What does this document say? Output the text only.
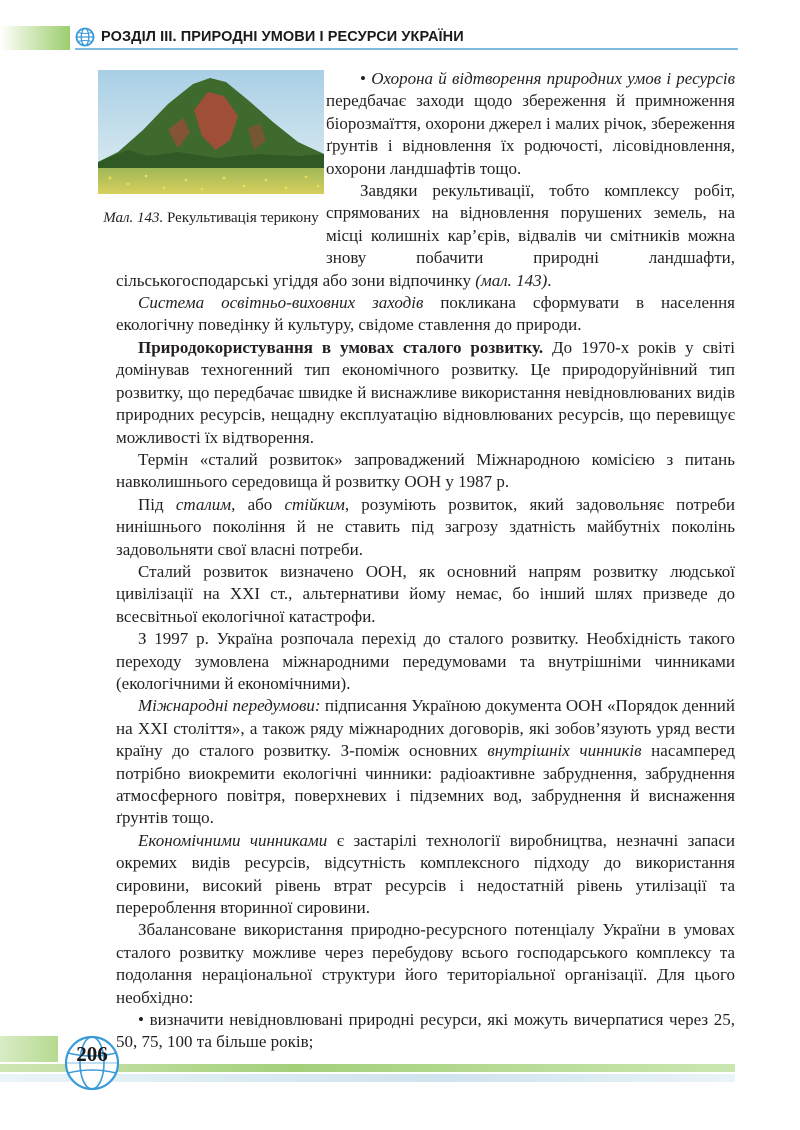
РОЗДІЛ ІІІ. ПРИРОДНІ УМОВИ І РЕСУРСИ УКРАЇНИ
Мал. 143. Рекультивація терикону

• Охорона й відтворення природних умов і ресурсів передбачає заходи щодо збереження й примноження біорозмаїття, охорони джерел і малих річок, збереження ґрунтів і відновлення їх родючості, лісовідновлення, охорони ландшафтів тощо.

Завдяки рекультивації, тобто комплексу робіт, спрямованих на відновлення порушених земель, на місці колишніх кар’єрів, відвалів чи смітників можна знову побачити природні ландшафти, сільськогосподарські угіддя або зони відпочинку (мал. 143).

Система освітньо-виховних заходів покликана сформувати в населення екологічну поведінку й культуру, свідоме ставлення до природи.

Природокористування в умовах сталого розвитку. До 1970-х років у світі домінував техногенний тип економічного розвитку. Це природоруйнівний тип розвитку, що передбачає швидке й виснажливе використання невідновлюваних видів природних ресурсів, нещадну експлуатацію відновлюваних ресурсів, що перевищує можливості їх відтворення.

Термін «сталий розвиток» запроваджений Міжнародною комісією з питань навколишнього середовища й розвитку ООН у 1987 р.

Під сталим, або стійким, розуміють розвиток, який задовольняє потреби нинішнього покоління й не ставить під загрозу здатність майбутніх поколінь задовольняти свої власні потреби.

Сталий розвиток визначено ООН, як основний напрям розвитку людської цивілізації на ХХІ ст., альтернативи йому немає, бо інший шлях призведе до всесвітньої екологічної катастрофи.

З 1997 р. Україна розпочала перехід до сталого розвитку. Необхідність такого переходу зумовлена міжнародними передумовами та внутрішніми чинниками (екологічними й економічними).

Міжнародні передумови: підписання Україною документа ООН «Порядок денний на ХХІ століття», а також ряду міжнародних договорів, які зобов’язують уряд вести країну до сталого розвитку. З-поміж основних внутрішніх чинників насамперед потрібно виокремити екологічні чинники: радіоактивне забруднення, забруднення атмосферного повітря, поверхневих і підземних вод, забруднення й виснаження ґрунтів тощо.

Економічними чинниками є застарілі технології виробництва, незначні запаси окремих видів ресурсів, відсутність комплексного підходу до використання сировини, високий рівень втрат ресурсів і недостатній рівень утилізації та перероблення вторинної сировини.

Збалансоване використання природно-ресурсного потенціалу України в умовах сталого розвитку можливе через перебудову всього господарського комплексу та подолання нераціональної структури його територіальної організації. Для цього необхідно:

• визначити невідновлювані природні ресурси, які можуть вичерпатися через 25, 50, 75, 100 та більше років;

206
